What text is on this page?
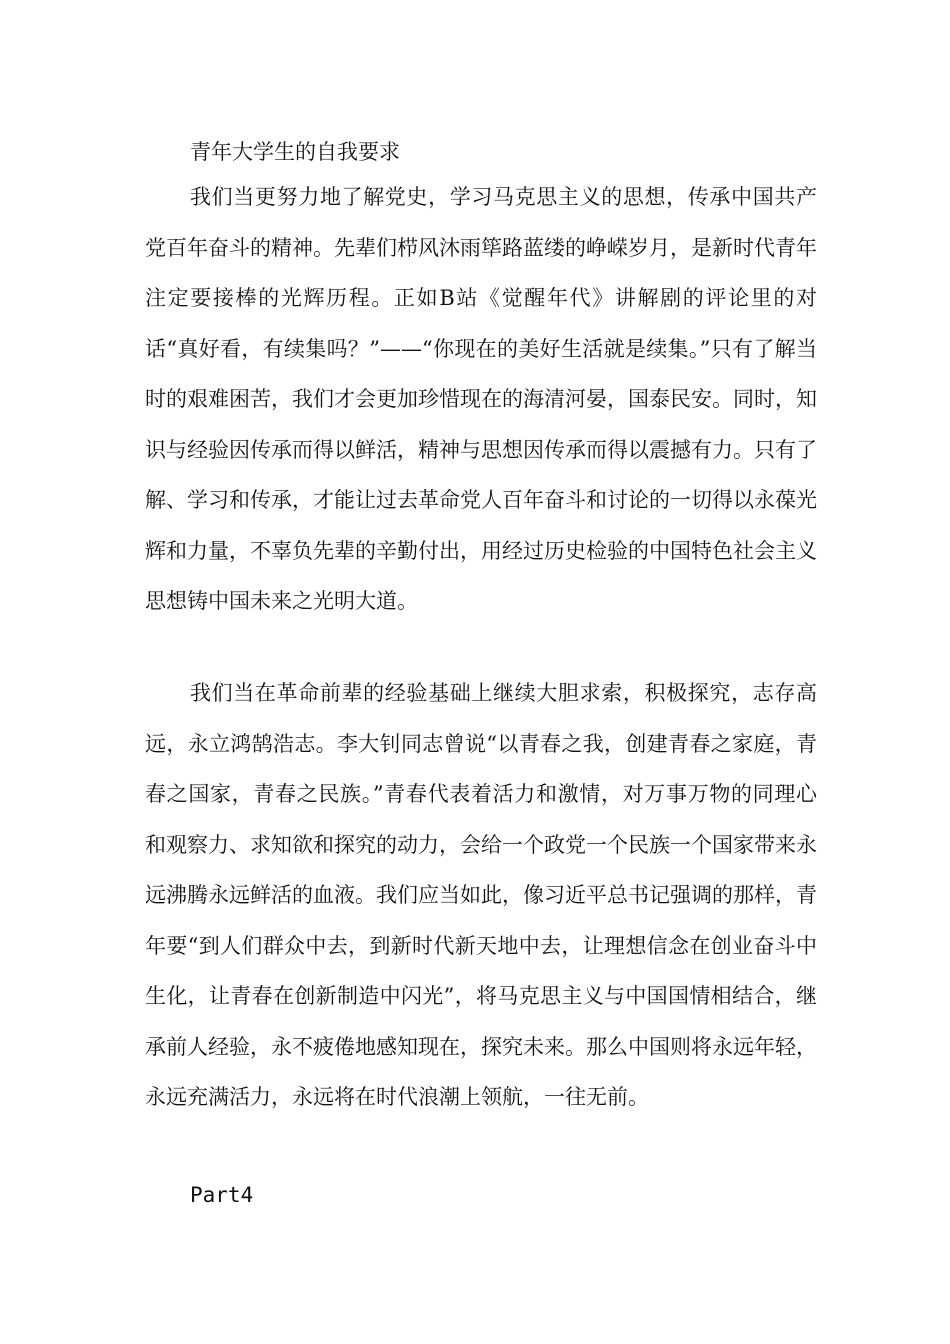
青年大学生的自我要求

我们当更努力地了解党史，学习马克思主义的思想，传承中国共产党百年奋斗的精神。先辈们栉风沐雨筚路蓝缕的峥嵘岁月，是新时代青年注定要接棒的光辉历程。正如B站《觉醒年代》讲解剧的评论里的对话“真好看，有续集吗？”——“你现在的美好生活就是续集。”只有了解当时的艰难困苦，我们才会更加珍惜现在的海清河晏，国泰民安。同时，知识与经验因传承而得以鲜活，精神与思想因传承而得以震撼有力。只有了解、学习和传承，才能让过去革命党人百年奋斗和讨论的一切得以永葆光辉和力量，不辜负先辈的辛勤付出，用经过历史检验的中国特色社会主义思想铸中国未来之光明大道。

我们当在革命前辈的经验基础上继续大胆求索，积极探究，志存高远，永立鸿鹄浩志。李大钊同志曾说“以青春之我，创建青春之家庭，青春之国家，青春之民族。”青春代表着活力和激情，对万事万物的同理心和观察力、求知欲和探究的动力，会给一个政党一个民族一个国家带来永远沸腾永远鲜活的血液。我们应当如此，像习近平总书记强调的那样，青年要“到人们群众中去，到新时代新天地中去，让理想信念在创业奋斗中生化，让青春在创新制造中闪光”，将马克思主义与中国国情相结合，继承前人经验，永不疲倦地感知现在，探究未来。那么中国则将永远年轻，永远充满活力，永远将在时代浪潮上领航，一往无前。

Part4
